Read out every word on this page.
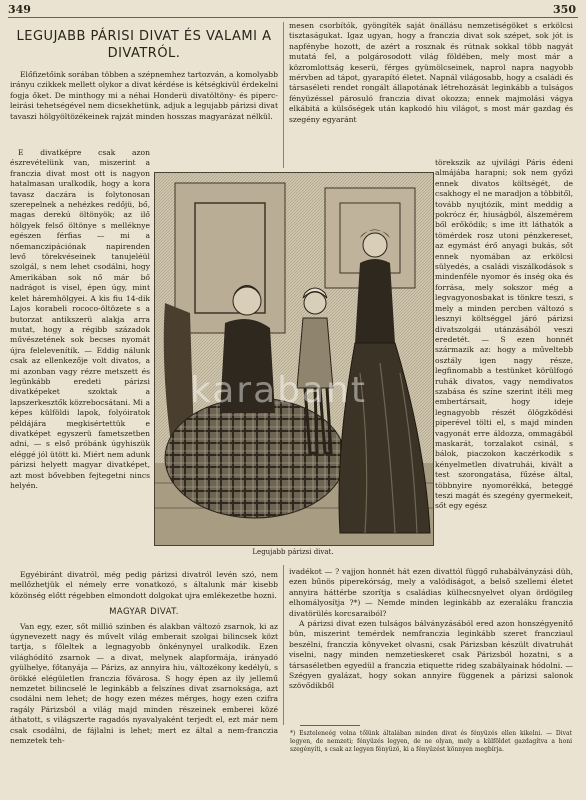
349	350
LEGUJABB PÁRISI DIVAT ÉS VALAMI A DIVATRÓL.

Előfizetőink sorában többen a szépnemhez tartozván, a komolyabb irányu czikkek mellett olykor a divat kérdése is kétségkivül érdekelni fogja őket. De minthogy mi a néhai Honderü divatöltöny- és piperc-leirási tehetségével nem dicsekhetünk, adjuk a legujabb párizsi divat tavaszi hölgyöltözékeinek rajzát minden hosszas magyarázat nélkül.

E divatképre csak azon észrevételünk van, miszerint a franczia divat most ott is nagyon hatalmasan uralkodik, hogy a kora tavasz daczára is folytonosan szerepelnek a nehézkes redőjü, bő, magas derekú öltönyök; az ilő hölgyek felső öltönye s melléknye egészen férfias — mi a nőemanczipációnak napirenden levő törekvéseinek tanujeléül szolgál, s nem lehet csodálni, hogy Amerikában sok nő már bő nadrágot is visel, épen úgy, mint kelet háremhölgyei. A kis fiu 14-dik Lajos korabeli rococo-öltözete s a butorzat antikszerü alakja arra mutat, hogy a régibb századok művészetének sok becses nyomát újra felelevenítik. — Eddig nálunk csak az ellenkezője volt divatos, a mi azonban vagy rézre metszett és legünkább eredeti párizsi divatképeket szoktak a lapszerkesztők közrebocsátani. Mi a képes külföldi lapok, folyóiratok példájára megkisértettük e divatképet egyszerü fametszetben adni, — s első próbánk úgyhiszük eléggé jól ütött ki. Miért nem adunk párizsi helyett magyar divatképet, azt most bővebben fejtegetni nincs helyén.

Egyébiránt divatról, még pedig párizsi divatról levén szó, nem mellőzhetjük el némely erre vonatkozó, s általunk már kisebb közönség előtt régebben elmondott dolgokat ujra emlékezetbe hozni.

MAGYAR DIVAT.

Van egy, ezer, sőt millió szinben és alakban változó zsarnok, ki az úgynevezett nagy és művelt világ emberait szolgai bilincsek közt tartja, s főleltek a legnagyobb önkénynyel uralkodik. Ezen világhódító zsarnok — a divat, melynek alapformája, irányadó gyülhelye, főtanyája — Párizs, az annyira hiu, változékony kedélyü, s örökké elégületlen franczia fővárosa. S hogy épen az ily jellemű nemzetet bilincselé le leginkább a felszínes divat zsarnoksága, azt csodálni nem lehet; de hogy ezen mézes mérges, hogy ezen czifra ragály Párizsból a világ majd minden részeinek emberei közé áthatott, s világszerte ragadós nyavalyaként terjedt el, ezt már nem csak csodálni, de fájlalni is lehet; mert ez által a nem-franczia nemzetek teh-

mesen csorbítók, gyöngíték saját önállásu nemzetiségöket s erkölcsi tisztaságukat. Igaz ugyan, hogy a franczia divat sok szépet, sok jót is napfénybe hozott, de azért a rosznak és rútnak sokkal több nagyát mutatá fel, a polgárosodott világ földében, mely most már a közromlottság keserü, férges gyümölcseinek, naprol napra nagyobb mérvben ad tápot, gyarapító életet. Napnál világosabb, hogy a családi és társaséleti rendet rongált állapotának létrehozását leginkább a tulságos fényüzéssel párosuló franczia divat okozza; ennek majmolási vágya elkábitá a külsőségek után kapkodó hiu világot, s most már gazdag és szegény egyaránt

törekszik az ujvilági Páris édeni almájába harapni; sok nem győzi ennek divatos költségét, de csakhogy el ne maradjon a többitől, tovább nyujtózik, mint meddig a pokrócz ér, hiuságból, álszemérem ből erőködik; s ime itt láthatók a tömérdek rosz utoni pénzkereset, az egymást érő anyagi bukás, sőt ennek nyomában az erkölcsi sülyedés, a családi viszálkodások s mindenféle nyomor és inség oka és forrása, mely sokszor még a legvagyonosbakat is tönkre teszi, s mely a minden percben változó s lesznyi költséggel járó párizsi divatszolgái utánzásából veszi eredetét. — S ezen honnét származik az: hogy a műveltebb osztály igen nagy része, legfinomabb a testünket körülfogó ruhák divatos, vagy nemdivatos szabása és színe szerint itéli meg embertársait, hogy ideje legnagyobb részét ölögzködési piperével tölti el, s majd minden vagyonát erre áldozza, ommagából maskarát, torzalakot csinál, s bálok, piaczokon kaczérkodik s kényelmetlen divatruhái, kivált a test szorongatása, fűzése által, többnyire nyomorékká, beteggé teszi magát és szegény gyermekeit, sőt egy egész

Legujabb párizsi divat.
karabant

ivadékot — ? vajjon honnét hát ezen divattól függő ruhabálványzási düh, ezen bűnös piperekórság, mely a valódiságot, a belső szellemi életet annyira háttérbe szorítja s családias külhecsnyelvet olyan ördögileg elhomályosítja ?*) — Nemde minden leginkább az ezeraláku franczia divatörülés korcsaraiból?

A párizsi divat ezen tulságos bálványzásából ered azon honszégyenítő bün, miszerint temérdek nemfranczia leginkább szeret francziaul beszélni, franczia könyveket olvasni, csak Párizsban készült divatruhát viselni, nagy minden nemzetieskeret csak Párizsból hozatni, s a társaséletben egyedül a franczia etiquette rideg szabályainak hódolni. — Szégyen gyalázat, hogy sokan annyire függenek a párizsi salonok szövődikből

*) Eszteleneég volna tőlünk általában minden divat és fényüzés ellen kikelni. — Divat legyen, de nemzeti; fényüzés legyen, de ne olyan, mely a külföldet gazdagítva a honi szegényíti, s csak az legyen fényüzö, ki a fényüzést könnyen megbírja.
